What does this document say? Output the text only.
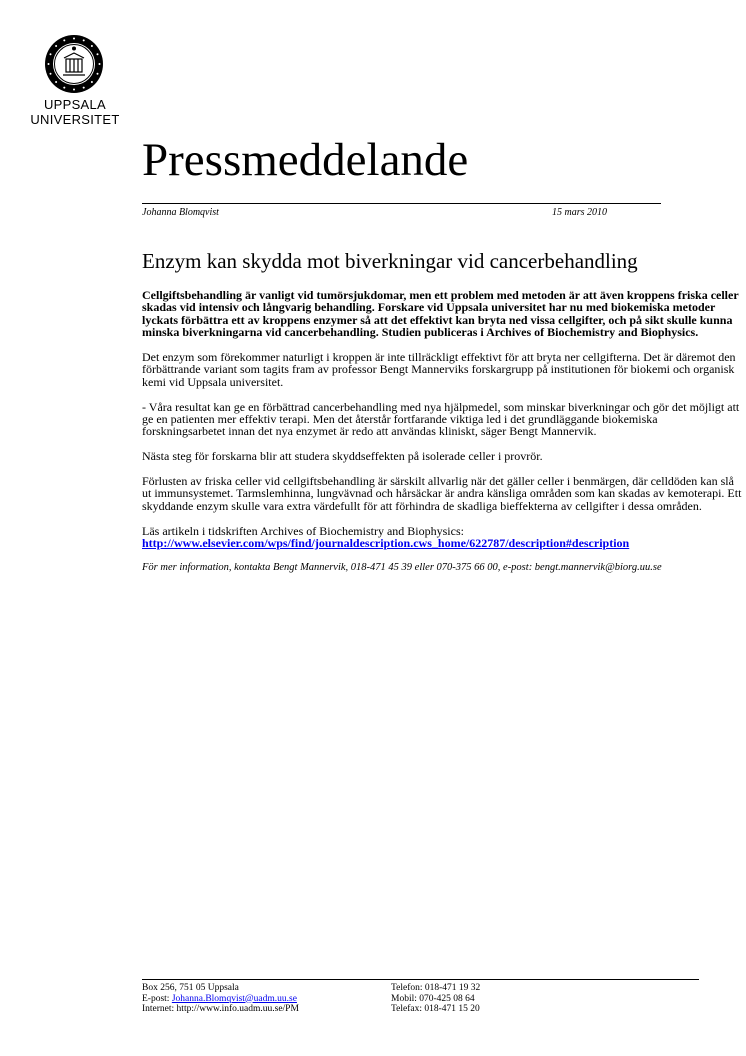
UPPSALA
UNIVERSITET
Pressmeddelande
Johanna Blomqvist	15 mars 2010
Enzym kan skydda mot biverkningar vid cancerbehandling

Cellgiftsbehandling är vanligt vid tumörsjukdomar, men ett problem med metoden är att även kroppens friska celler skadas vid intensiv och långvarig behandling. Forskare vid Uppsala universitet har nu med biokemiska metoder lyckats förbättra ett av kroppens enzymer så att det effektivt kan bryta ned vissa cellgifter, och på sikt skulle kunna minska biverkningarna vid cancerbehandling. Studien publiceras i Archives of Biochemistry and Biophysics.

Det enzym som förekommer naturligt i kroppen är inte tillräckligt effektivt för att bryta ner cellgifterna. Det är däremot den förbättrande variant som tagits fram av professor Bengt Mannerviks forskargrupp på institutionen för biokemi och organisk kemi vid Uppsala universitet.

- Våra resultat kan ge en förbättrad cancerbehandling med nya hjälpmedel, som minskar biverkningar och gör det möjligt att ge en patienten mer effektiv terapi. Men det återstår fortfarande viktiga led i det grundläggande biokemiska forskningsarbetet innan det nya enzymet är redo att användas kliniskt, säger Bengt Mannervik.

Nästa steg för forskarna blir att studera skyddseffekten på isolerade celler i provrör.

Förlusten av friska celler vid cellgiftsbehandling är särskilt allvarlig när det gäller celler i benmärgen, där celldöden kan slå ut immunsystemet. Tarmslemhinna, lungvävnad och hårsäckar är andra känsliga områden som kan skadas av kemoterapi. Ett skyddande enzym skulle vara extra värdefullt för att förhindra de skadliga bieffekterna av cellgifter i dessa områden.

Läs artikeln i tidskriften Archives of Biochemistry and Biophysics:
http://www.elsevier.com/wps/find/journaldescription.cws_home/622787/description#description

För mer information, kontakta Bengt Mannervik, 018-471 45 39 eller 070-375 66 00, e-post: bengt.mannervik@biorg.uu.se

Box 256, 751 05 Uppsala
E-post: Johanna.Blomqvist@uadm.uu.se
Internet: http://www.info.uadm.uu.se/PM
Telefon: 018-471 19 32
Mobil: 070-425 08 64
Telefax: 018-471 15 20
